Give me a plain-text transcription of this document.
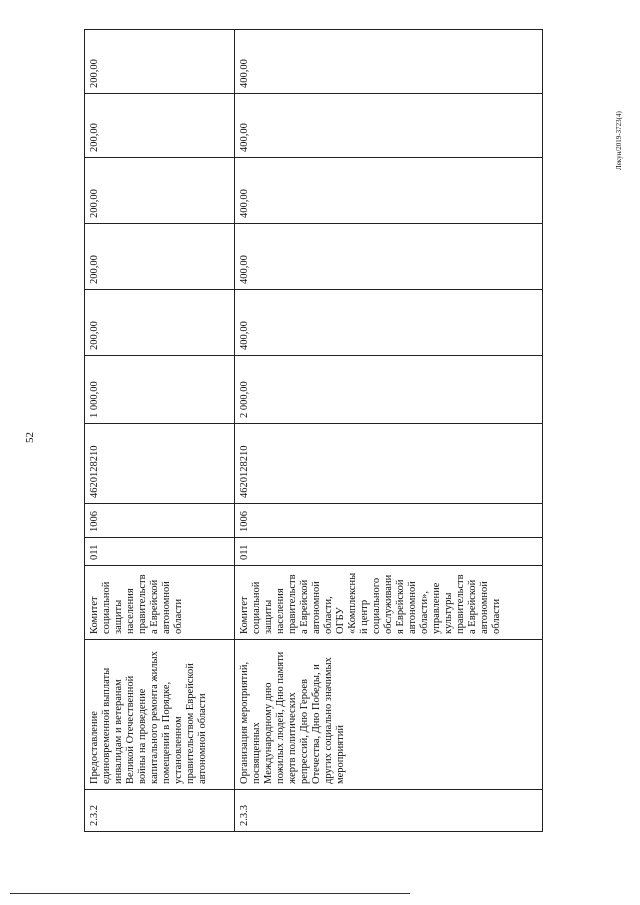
52
Лекун/2019-3723(4)
2.3.2	Предоставление единовременной выплаты инвалидам и ветеранам Великой Отечественной войны на проведение капитального ремонта жилых помещений в Порядке, установленном правительством Еврейской автономной области	Комитет социальной защиты населения правительства Еврейской автономной области	011	1006	4620128210	1 000,00	200,00	200,00	200,00	200,00	200,00
2.3.3	Организация мероприятий, посвященных Международному дню пожилых людей, Дню памяти жертв политических репрессий, Дню Героев Отечества, Дню Победы, и других социально значимых мероприятий	Комитет социальной защиты населения правительства Еврейской автономной области, ОГБУ «Комплексный центр социального обслуживания Еврейской автономной области», управление культуры правительства Еврейской автономной области	011	1006	4620128210	2 000,00	400,00	400,00	400,00	400,00	400,00
